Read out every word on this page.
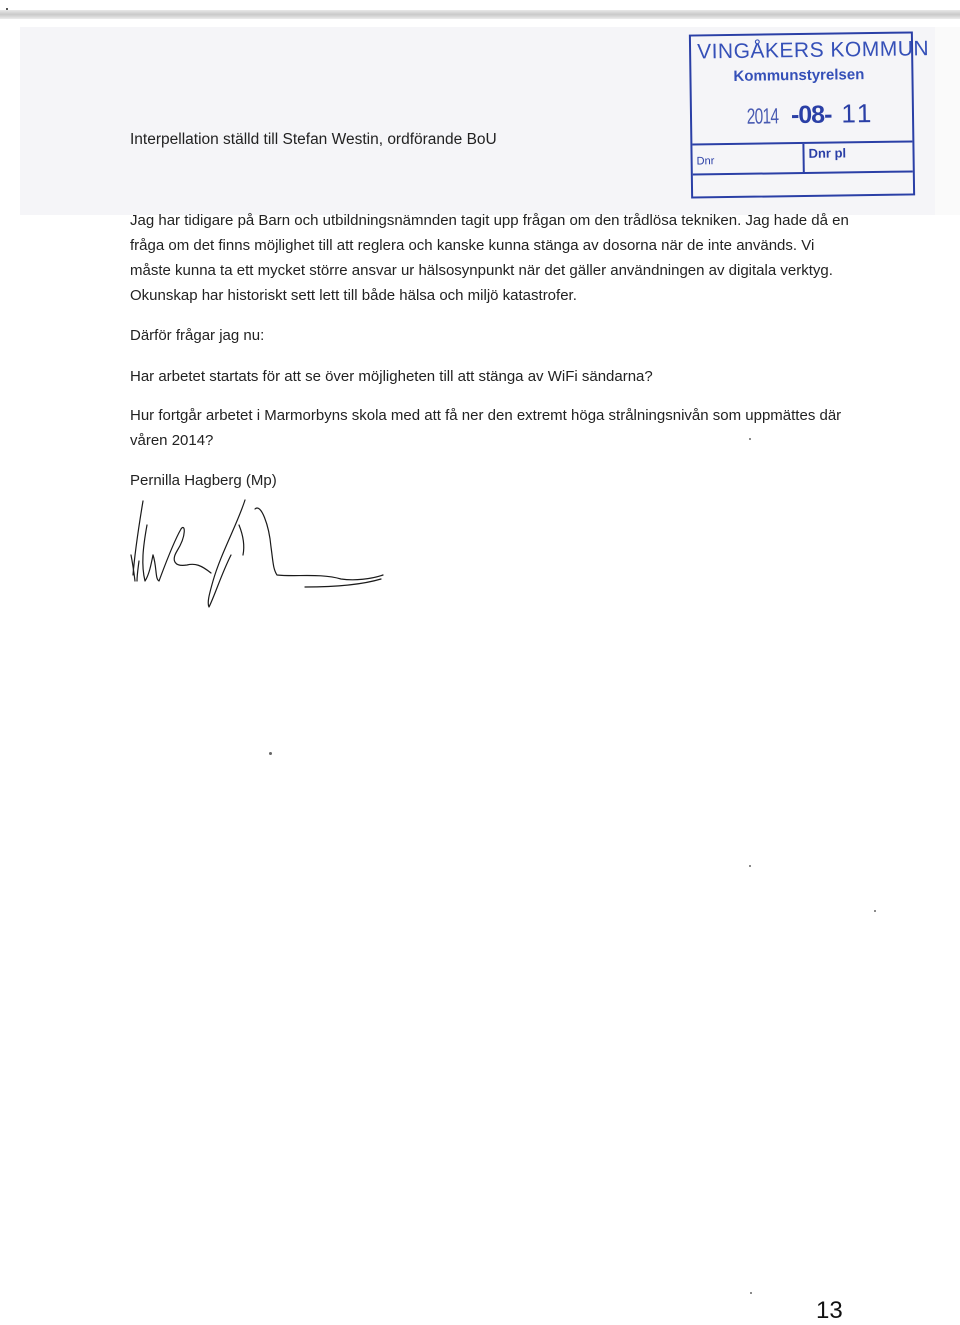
Interpellation ställd till Stefan Westin, ordförande BoU
VINGÅKERS KOMMUN
Kommunstyrelsen
2014 -08- 11
Dnr
Dnr pl

Jag har tidigare på Barn och utbildningsnämnden tagit upp frågan om den trådlösa tekniken. Jag hade då en fråga om det finns möjlighet till att reglera och kanske kunna stänga av dosorna när de inte används. Vi måste kunna ta ett mycket större ansvar ur hälsosynpunkt när det gäller användningen av digitala verktyg. Okunskap har historiskt sett lett till både hälsa och miljö katastrofer.

Därför frågar jag nu:

Har arbetet startats för att se över möjligheten till att stänga av WiFi sändarna?

Hur fortgår arbetet i Marmorbyns skola med att få ner den extremt höga strålningsnivån som uppmättes där våren 2014?

Pernilla Hagberg (Mp)

13
